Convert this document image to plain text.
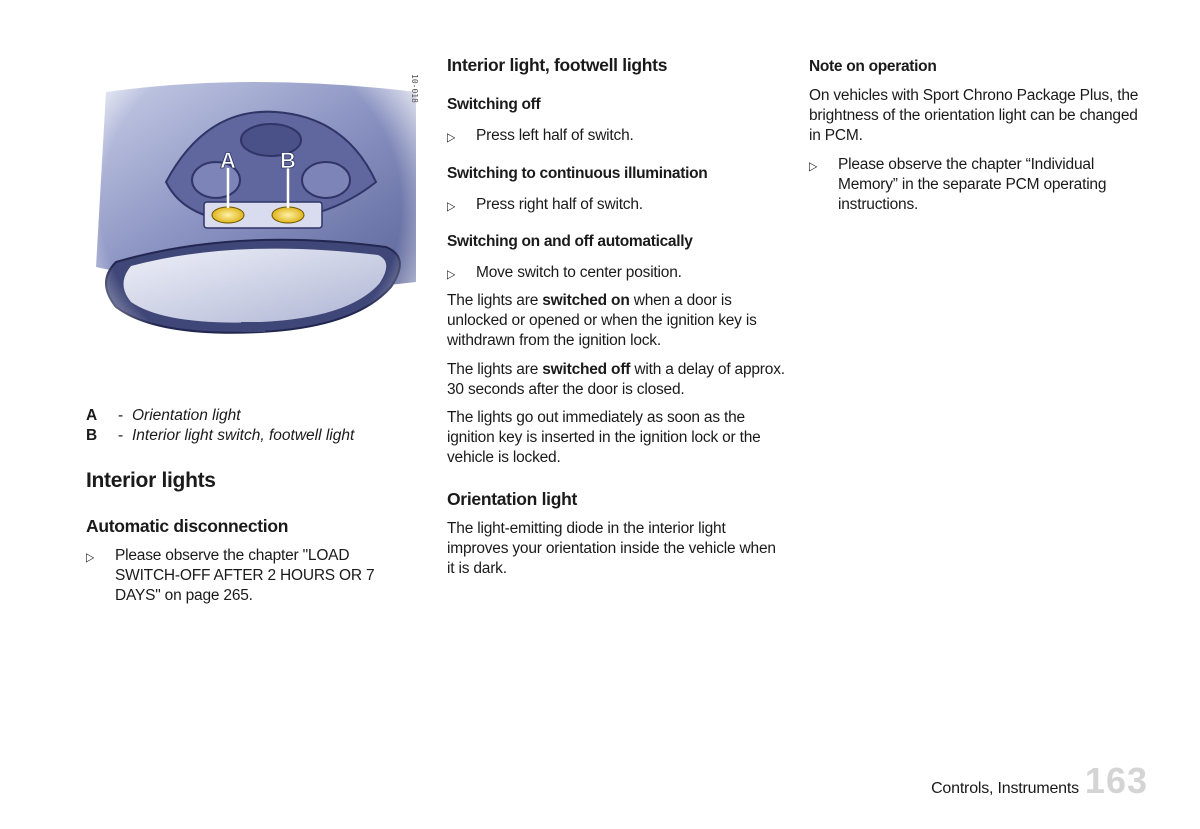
10-018
A	- Orientation light
B	- Interior light switch, footwell light
Interior lights
Automatic disconnection
▷	Please observe the chapter "LOAD SWITCH-OFF AFTER 2 HOURS OR 7 DAYS" on page 265.
Interior light, footwell lights
Switching off
▷	Press left half of switch.
Switching to continuous illumination
▷	Press right half of switch.
Switching on and off automatically
▷	Move switch to center position.

The lights are switched on when a door is unlocked or opened or when the ignition key is withdrawn from the ignition lock.

The lights are switched off with a delay of approx. 30 seconds after the door is closed.

The lights go out immediately as soon as the ignition key is inserted in the ignition lock or the vehicle is locked.

Orientation light

The light-emitting diode in the interior light improves your orientation inside the vehicle when it is dark.

Note on operation

On vehicles with Sport Chrono Package Plus, the brightness of the orientation light can be changed in PCM.

▷	Please observe the chapter “Individual Memory” in the separate PCM operating instructions.
Controls, Instruments 163
